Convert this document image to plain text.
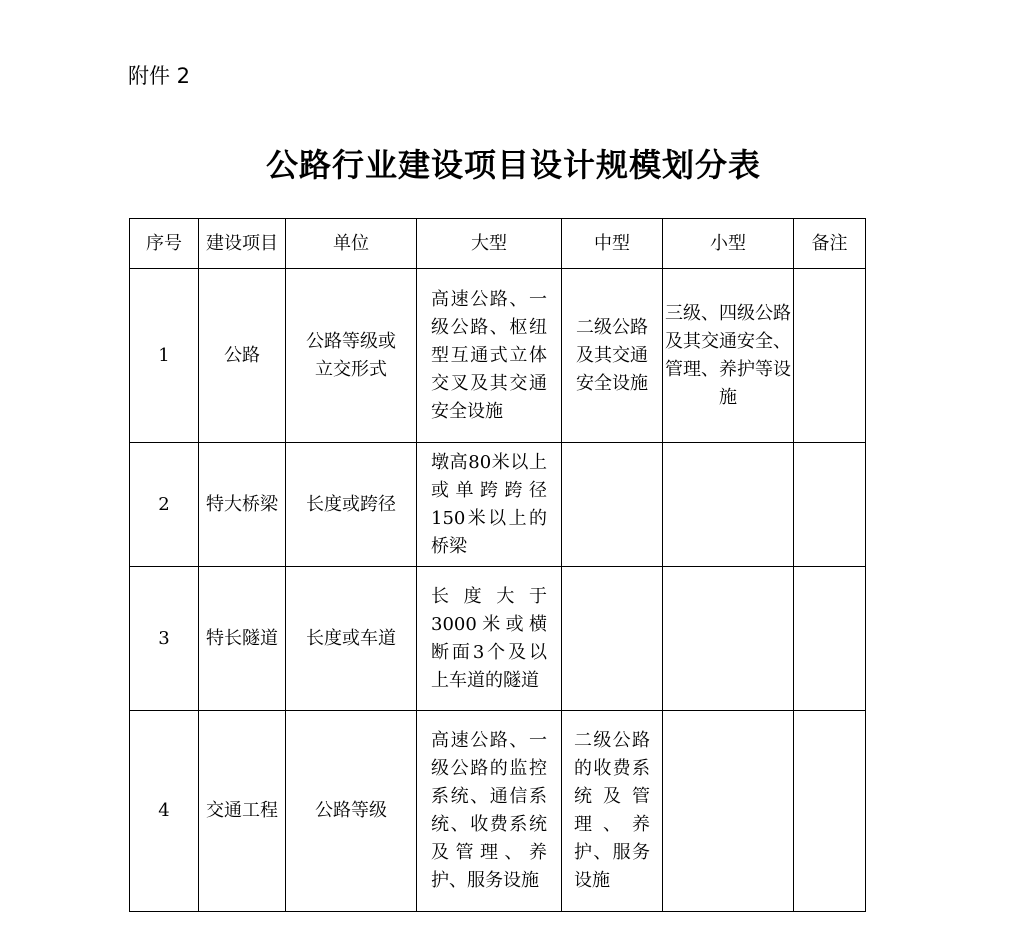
附件 2
公路行业建设项目设计规模划分表
序号	建设项目	单位	大型	中型	小型	备注
1	公路	公路等级或立交形式	高速公路、一级公路、枢纽型互通式立体交叉及其交通安全设施	二级公路及其交通安全设施	三级、四级公路及其交通安全、管理、养护等设施	
2	特大桥梁	长度或跨径	墩高80米以上或单跨跨径150米以上的桥梁			
3	特长隧道	长度或车道	长度大于3000米或横断面3个及以上车道的隧道			
4	交通工程	公路等级	高速公路、一级公路的监控系统、通信系统、收费系统及管理、养护、服务设施	二级公路的收费系统及管理、养护、服务设施		
